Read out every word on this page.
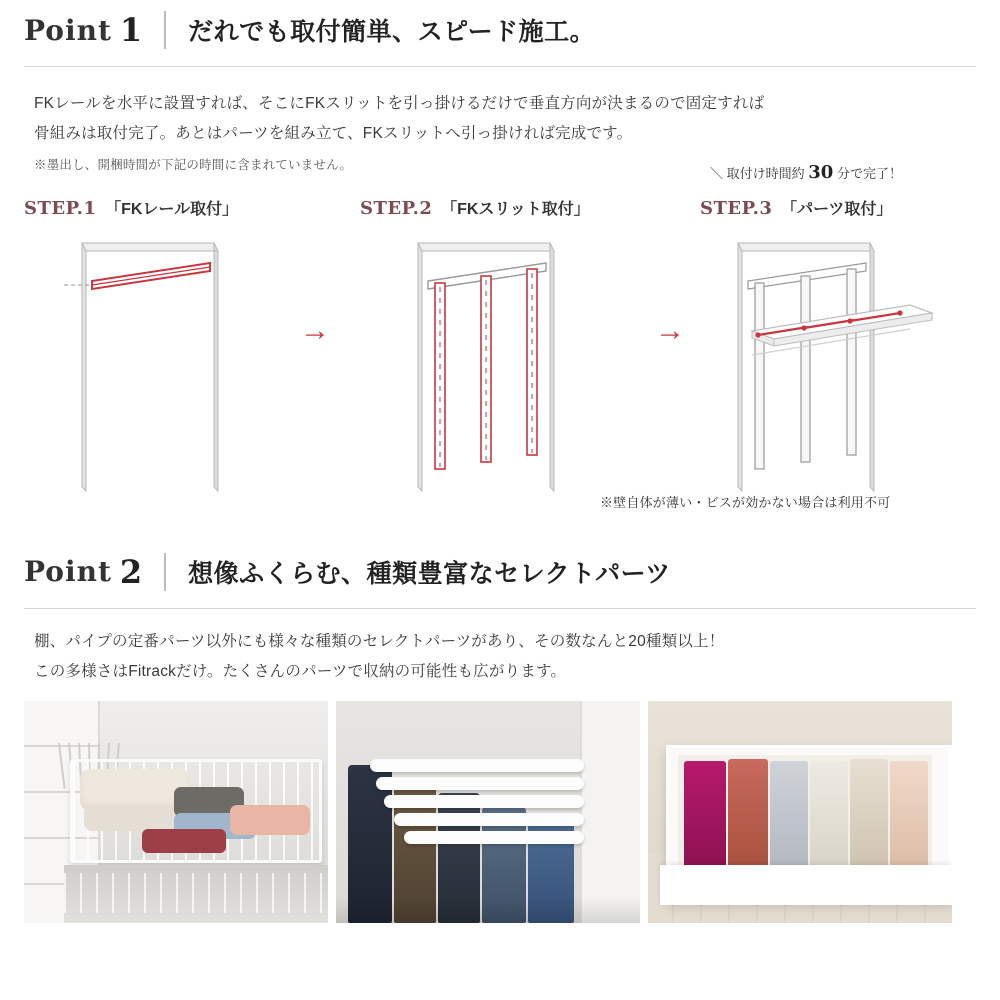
Point 1 だれでも取付簡単、スピード施工。
FKレールを水平に設置すれば、そこにFKスリットを引っ掛けるだけで垂直方向が決まるので固定すれば
骨組みは取付完了。あとはパーツを組み立て、FKスリットへ引っ掛ければ完成です。
※墨出し、開梱時間が下記の時間に含まれていません。
STEP.1 「FKレール取付」
→
STEP.2 「FKスリット取付」
→
＼ 取付け時間約 30 分で完了！
STEP.3 「パーツ取付」
※壁自体が薄い・ビスが効かない場合は利用不可
Point 2 想像ふくらむ、種類豊富なセレクトパーツ
棚、パイプの定番パーツ以外にも様々な種類のセレクトパーツがあり、その数なんと20種類以上！
この多様さはFitrackだけ。たくさんのパーツで収納の可能性も広がります。
